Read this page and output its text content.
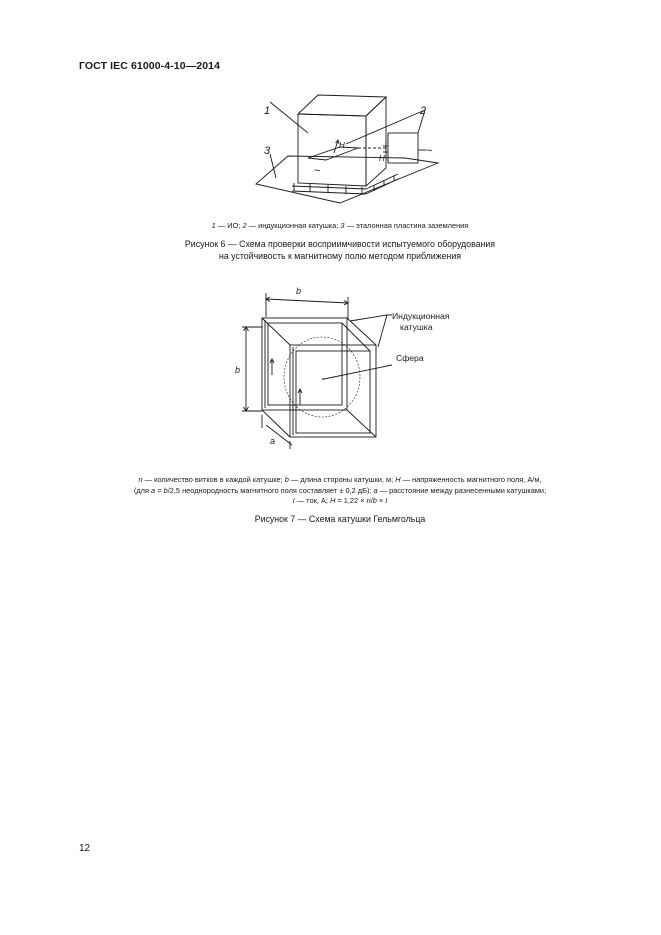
ГОСТ IEC 61000-4-10—2014
1	2
3	H
H
~
~
1 — ИО; 2 — индукционная катушка; 3 — эталонная пластина заземления
Рисунок 6 — Схема проверки восприимчивости испытуемого оборудования
на устойчивость к магнитному полю методом приближения
b
b
a
Индукционная
катушка
Сфера
n — количество витков в каждой катушке; b — длина стороны катушки, м; H — напряженность магнитного поля, А/м,
(для a = b/2,5 неоднородность магнитного поля составляет ± 0,2 дБ); a — расстояние между разнесенными катушками;
I — ток, А; H = 1,22 × n/b × I
Рисунок 7 — Схема катушки Гельмгольца
12
